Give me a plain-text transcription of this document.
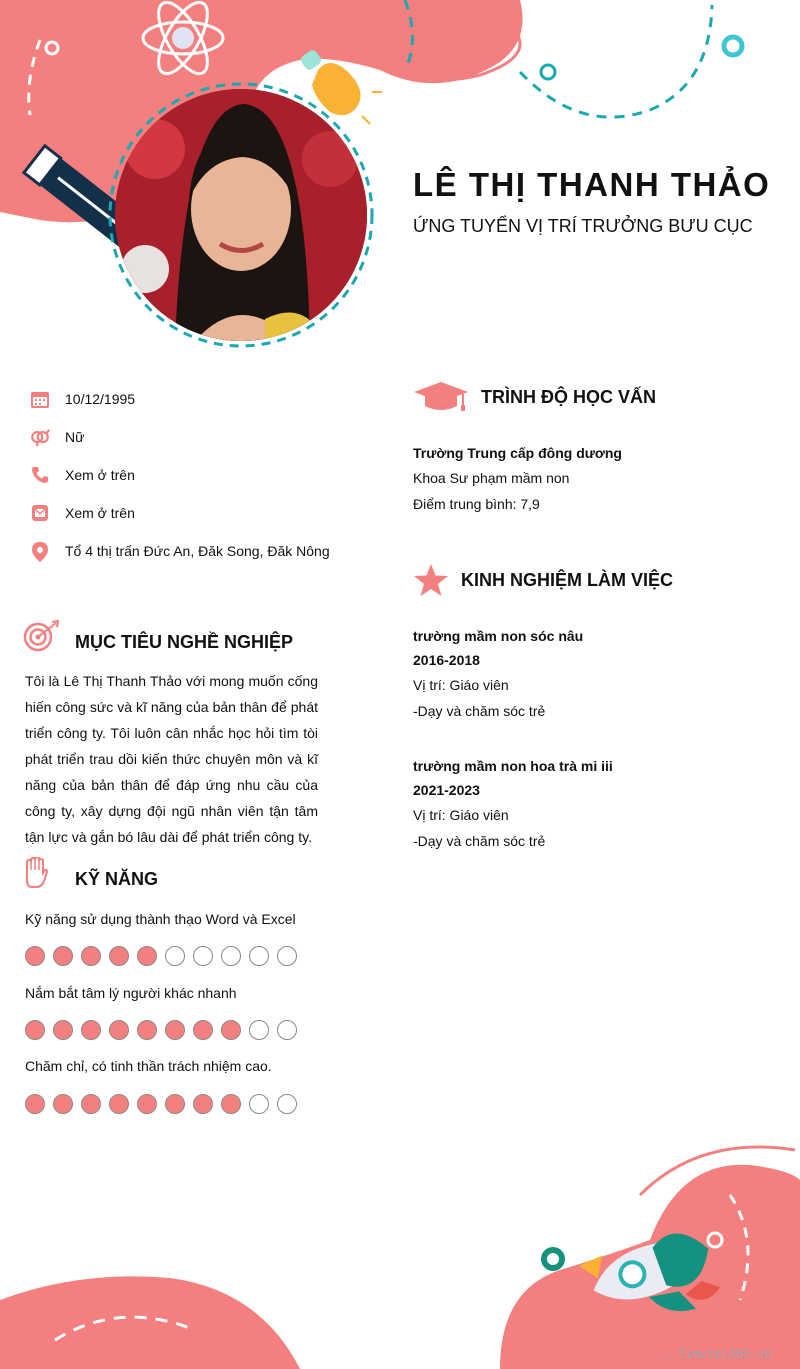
LÊ THỊ THANH THẢO
ỨNG TUYỂN VỊ TRÍ TRƯỞNG BƯU CỤC
10/12/1995
Nữ
Xem ở trên
Xem ở trên
Tổ 4 thị trấn Đức An, Đăk Song, Đăk Nông
MỤC TIÊU NGHỀ NGHIỆP
Tôi là Lê Thị Thanh Thảo với mong muốn cống hiến công sức và kĩ năng của bản thân để phát triển công ty. Tôi luôn cân nhắc học hỏi tìm tòi phát triển trau dồi kiến thức chuyên môn và kĩ năng của bản thân để đáp ứng nhu cầu của công ty, xây dựng đội ngũ nhân viên tận tâm tận lực và gắn bó lâu dài để phát triển công ty.
KỸ NĂNG
Kỹ năng sử dụng thành thạo Word và Excel
Nắm bắt tâm lý người khác nhanh
Chăm chỉ, có tinh thần trách nhiệm cao.
TRÌNH ĐỘ HỌC VẤN
Trường Trung cấp đông dương
Khoa Sư phạm mầm non
Điểm trung bình: 7,9
KINH NGHIỆM LÀM VIỆC
trường mầm non sóc nâu
2016-2018
Vị trí: Giáo viên
-Dạy và chăm sóc trẻ
trường mầm non hoa trà mi iii
2021-2023
Vị trí: Giáo viên
-Dạy và chăm sóc trẻ
∴ Timviec365.vn
